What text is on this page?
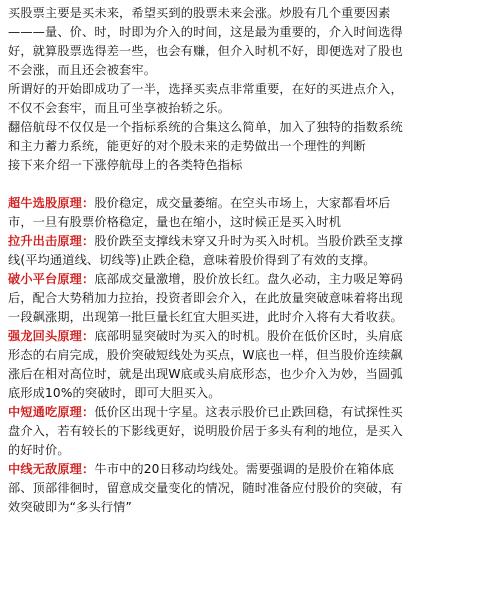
买股票主要是买未来，希望买到的股票未来会涨。炒股有几个重要因素
———量、价、时，时即为介入的时间，这是最为重要的，介入时间选得
好，就算股票选得差一些，也会有赚，但介入时机不好，即便选对了股也
不会涨，而且还会被套牢。
所谓好的开始即成功了一半，选择买卖点非常重要，在好的买进点介入，
不仅不会套牢，而且可坐享被抬轿之乐。
翻倍航母不仅仅是一个指标系统的合集这么简单，加入了独特的指数系统
和主力蓄力系统，能更好的对个股未来的走势做出一个理性的判断
接下来介绍一下涨停航母上的各类特色指标
超牛选股原理：股价稳定，成交量萎缩。在空头市场上，大家都看坏后
市，一旦有股票价格稳定，量也在缩小，这时候正是买入时机
拉升出击原理：股价跌至支撑线未穿又升时为买入时机。当股价跌至支撑
线(平均通道线、切线等)止跌企稳，意味着股价得到了有效的支撑。
破小平台原理：底部成交量激增，股价放长红。盘久必动，主力吸足筹码
后，配合大势稍加力拉抬，投资者即会介入，在此放量突破意味着将出现
一段飙涨期，出现第一批巨量长红宜大胆买进，此时介入将有大肴收获。
强龙回头原理：底部明显突破时为买入的时机。股价在低价区时，头肩底
形态的右肩完成，股价突破短线处为买点，W底也一样，但当股价连续飙
涨后在相对高位时，就是出现W底或头肩底形态，也少介入为妙，当圆弧
底形成10%的突破时，即可大胆买入。
中短通吃原理：低价区出现十字星。这表示股价已止跌回稳，有试探性买
盘介入，若有较长的下影线更好，说明股价居于多头有利的地位，是买入
的好时价。
中线无敌原理：牛市中的20日移动均线处。需要强调的是股价在箱体底
部、顶部徘徊时，留意成交量变化的情况，随时准备应付股价的突破，有
效突破即为“多头行情”
